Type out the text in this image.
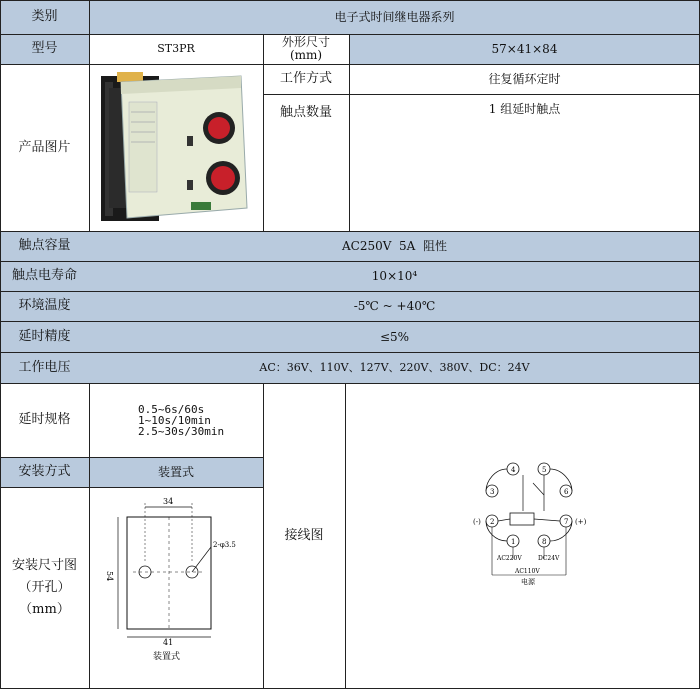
类别	电子式时间继电器系列
型号	ST3PR	外形尺寸(mm)	57×41×84
产品图片
工作方式	往复循环定时
触点数量	1 组延时触点
触点容量	AC250V  5A  阻性
触点电寿命	10×10⁴
环境温度	-5℃ ~ +40℃
延时精度	≤5%
工作电压	AC：36V、110V、127V、220V、380V、DC：24V
延时规格
0.5~6s/60s
1~10s/10min
2.5~30s/30min
安装方式	装置式
安装尺寸图
（开孔）
（mm）
34
54
2-φ3.5
41
装置式
接线图
4	5
3	6
2	7
1	8
(-)	(+)
AC220V	DC24V
AC110V
电源
